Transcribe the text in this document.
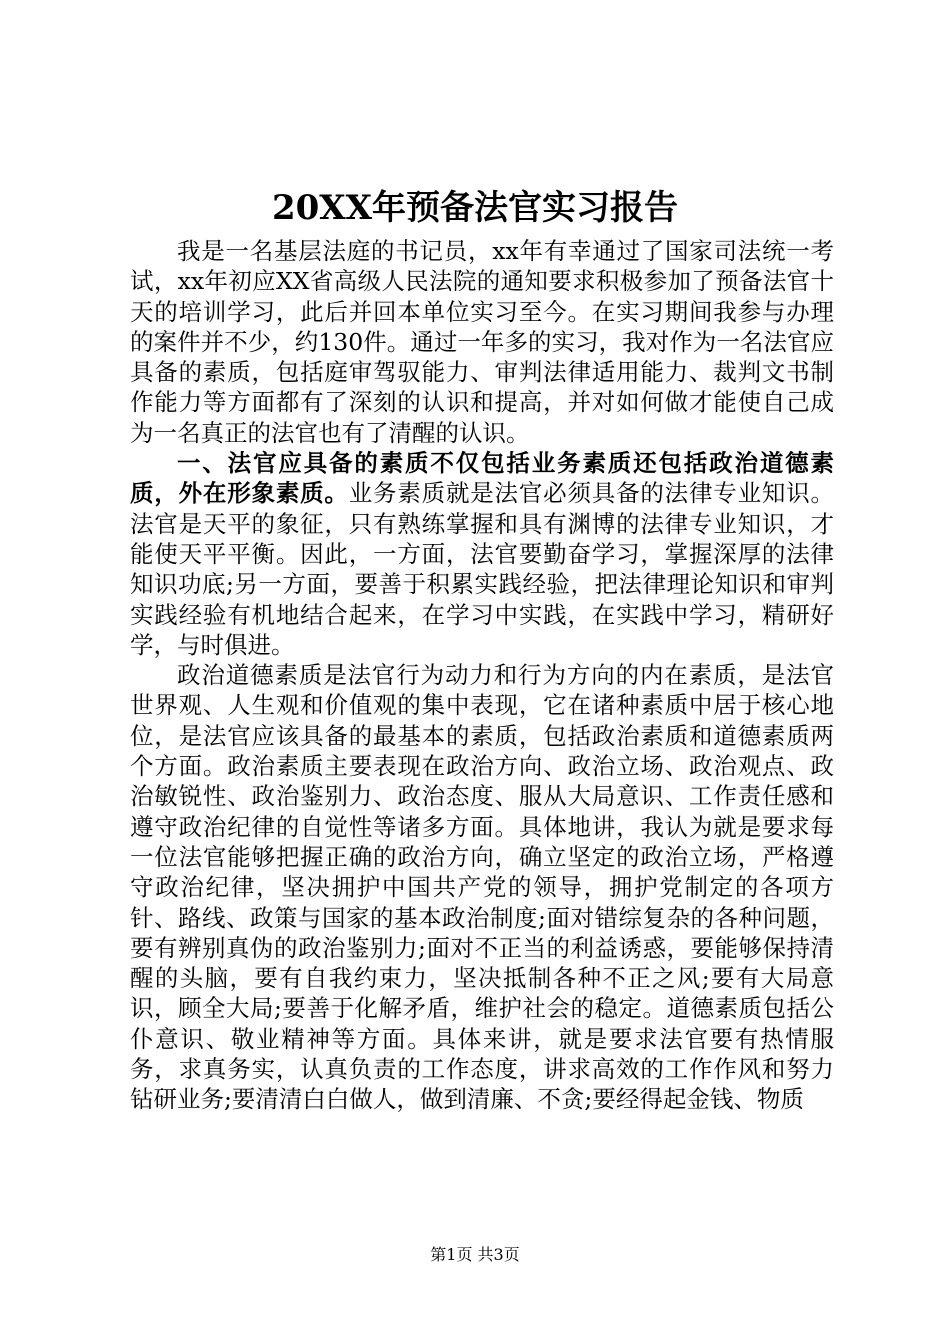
20XX年预备法官实习报告

我是一名基层法庭的书记员，xx年有幸通过了国家司法统一考试，xx年初应XX省高级人民法院的通知要求积极参加了预备法官十天的培训学习，此后并回本单位实习至今。在实习期间我参与办理的案件并不少，约130件。通过一年多的实习，我对作为一名法官应具备的素质，包括庭审驾驭能力、审判法律适用能力、裁判文书制作能力等方面都有了深刻的认识和提高，并对如何做才能使自己成为一名真正的法官也有了清醒的认识。

一、法官应具备的素质不仅包括业务素质还包括政治道德素质，外在形象素质。业务素质就是法官必须具备的法律专业知识。法官是天平的象征，只有熟练掌握和具有渊博的法律专业知识，才能使天平平衡。因此，一方面，法官要勤奋学习，掌握深厚的法律知识功底;另一方面，要善于积累实践经验，把法律理论知识和审判实践经验有机地结合起来，在学习中实践，在实践中学习，精研好学，与时俱进。

政治道德素质是法官行为动力和行为方向的内在素质，是法官世界观、人生观和价值观的集中表现，它在诸种素质中居于核心地位，是法官应该具备的最基本的素质，包括政治素质和道德素质两个方面。政治素质主要表现在政治方向、政治立场、政治观点、政治敏锐性、政治鉴别力、政治态度、服从大局意识、工作责任感和遵守政治纪律的自觉性等诸多方面。具体地讲，我认为就是要求每一位法官能够把握正确的政治方向，确立坚定的政治立场，严格遵守政治纪律，坚决拥护中国共产党的领导，拥护党制定的各项方针、路线、政策与国家的基本政治制度;面对错综复杂的各种问题，要有辨别真伪的政治鉴别力;面对不正当的利益诱惑，要能够保持清醒的头脑，要有自我约束力，坚决抵制各种不正之风;要有大局意识，顾全大局;要善于化解矛盾，维护社会的稳定。道德素质包括公仆意识、敬业精神等方面。具体来讲，就是要求法官要有热情服务，求真务实，认真负责的工作态度，讲求高效的工作作风和努力钻研业务;要清清白白做人，做到清廉、不贪;要经得起金钱、物质

第1页 共3页
